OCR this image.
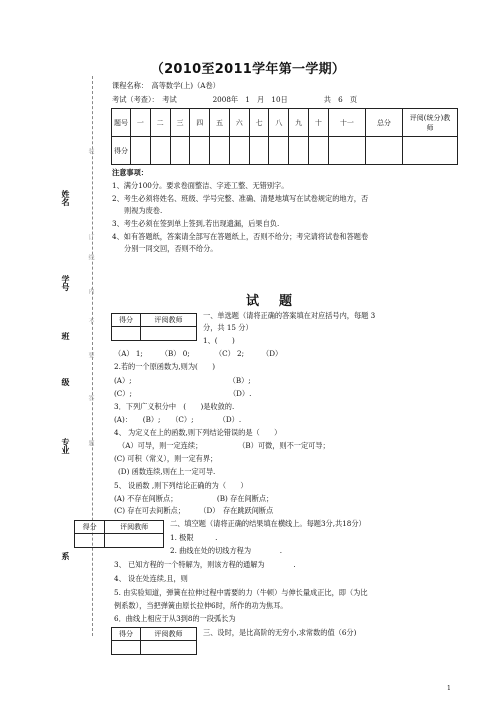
（2010至2011学年第一学期）
姓名
学号
班
级
专业
系
装
订
线
内
不
要
答
题
课程名称：　高等数学(上)（A卷）
考试（考查）：　考试　　　　　2008年　1　月　10日　　　　　共　6　页
题号	一	二	三	四	五	六	七	八	九	十	十一	总分	评阅(统分)教　师
得分													
注意事项：
1、满分100分。要求卷面整洁、字迹工整、无错别字。
2、考生必须将姓名、班级、学号完整、准确、清楚地填写在试卷规定的地方，否
则视为废卷.
3、考生必须在签到单上签到,若出现遗漏，后果自负.
4、如有答题纸，答案请全部写在答题纸上，否则不给分；考完请将试卷和答题卷
分别一同交回，否则不给分。
试题
得分	评阅教师
		一、单选题（请将正确的答案填在对应括号内，每题 3
分，共 15 分）
1、(　　)
（A） 1;　　　（B） 0;　　　　（C） 2;　　　（D）
2.若的一个原函数为,则为(　　)
(A）;　　　　　　　　　　　　　　（B）;
(C）;　　　　　　　　　　　　　　（D）.
3．下列广义积分中　(　　)是收敛的.
(A)：　　(B）;　　（C）;　　　　（D）.
4、 为定义在上的函数,则下列结论错误的是（　　）
（A）可导，则一定连续；　　　　　　（B）可微，则不一定可导；
(C) 可积（常义），则一定有界；
(D) 函数连续,则在上一定可导.
5、 设函数 ,则下列结论正确的为（　　）
(A) 不存在间断点；　　　　　　(B) 存在间断点；
(C) 存在可去间断点；　　　（D）　存在跳跃间断点
得分	评阅教师
		二、填空题（请将正确的结果填在横线上。每题3分,共18分）
1. 极限　　　.
2. 曲线在处的切线方程为　　　　.
3、 已知方程的一个特解为，则该方程的通解为　　　　.
4、 设在处连续,且，则
5. 由实验知道，弹簧在拉伸过程中需要的力（牛顿）与伸长量成正比，即（为比
例系数），当把弹簧由原长拉伸6时，所作的功为焦耳。
6．曲线上相应于从3到8的一段弧长为
得分	评阅教师
		三、设时，是比高阶的无穷小,求常数的值（6分)
1
